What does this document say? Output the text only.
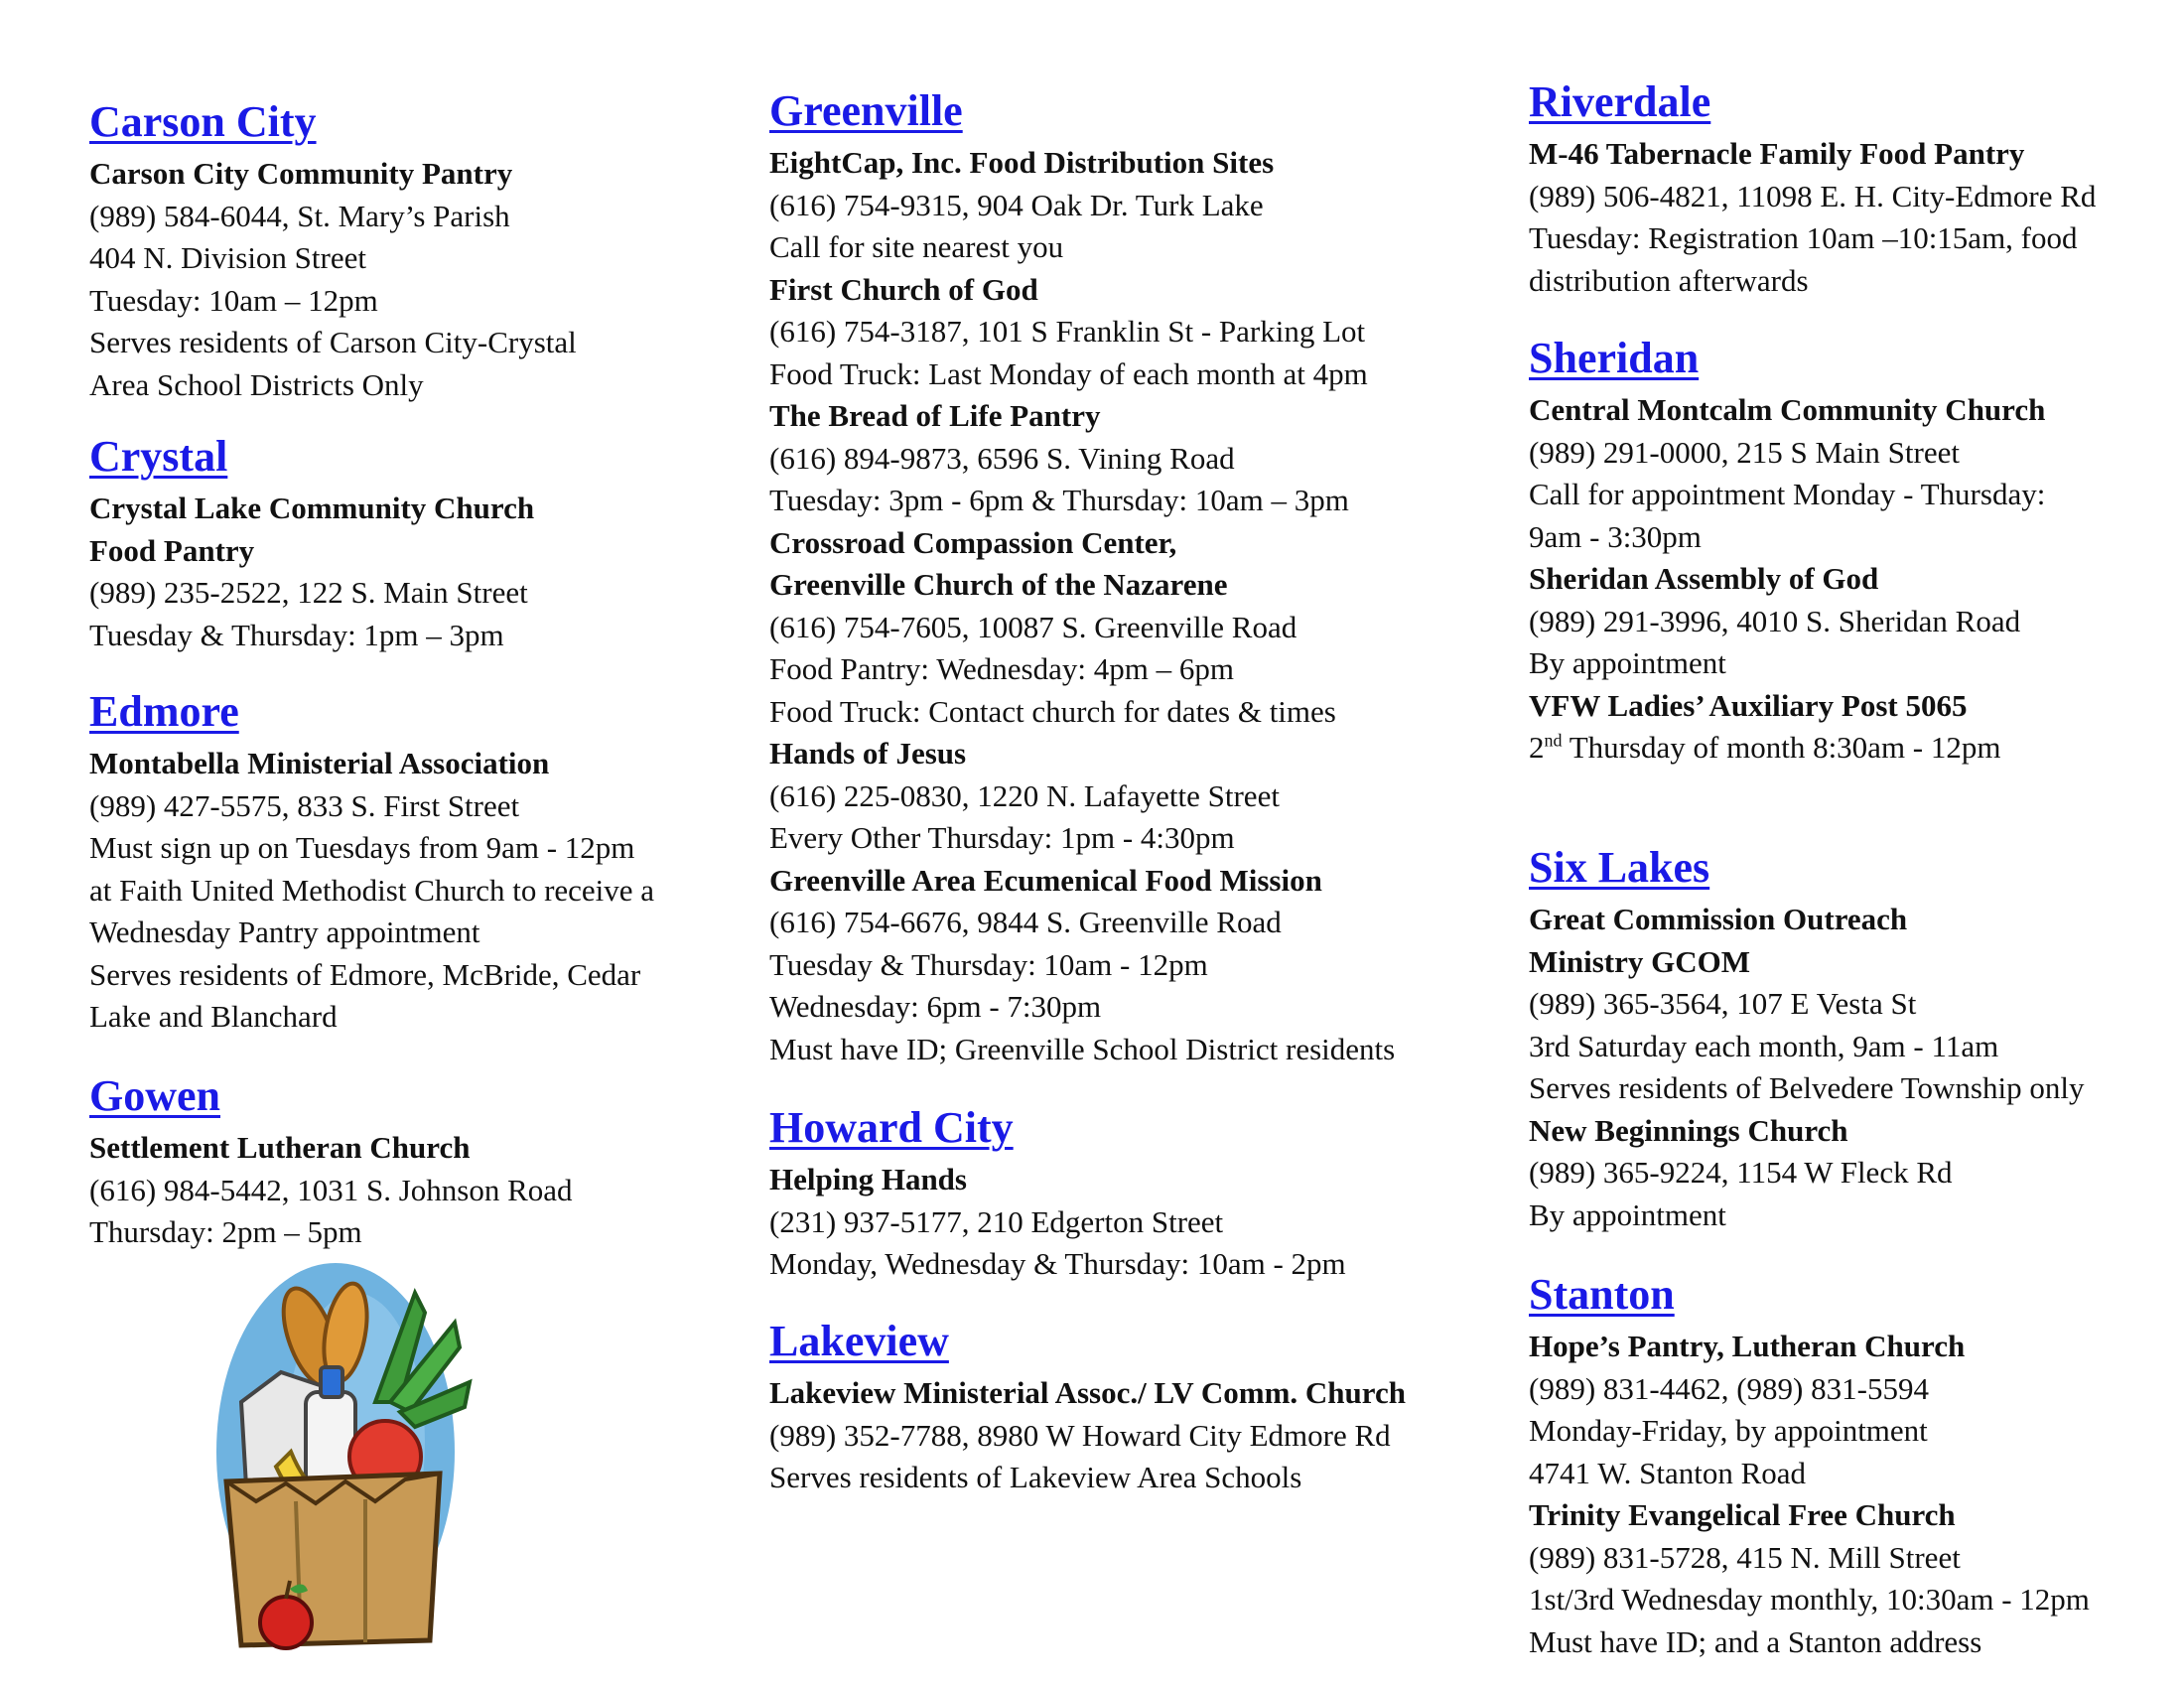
Carson City
Carson City Community Pantry
(989) 584-6044, St. Mary’s Parish
404 N. Division Street
Tuesday: 10am – 12pm
Serves residents of Carson City-Crystal
Area School Districts Only
Crystal
Crystal Lake Community Church
Food Pantry
(989) 235-2522, 122 S. Main Street
Tuesday & Thursday: 1pm – 3pm
Edmore
Montabella Ministerial Association
(989) 427-5575, 833 S. First Street
Must sign up on Tuesdays from 9am - 12pm
at Faith United Methodist Church to receive a
Wednesday Pantry appointment
Serves residents of Edmore, McBride, Cedar
Lake and Blanchard
Gowen
Settlement Lutheran Church
(616) 984-5442, 1031 S. Johnson Road
Thursday: 2pm – 5pm
Greenville
EightCap, Inc. Food Distribution Sites
(616) 754-9315, 904 Oak Dr. Turk Lake
Call for site nearest you
First Church of God
(616) 754-3187, 101 S Franklin St - Parking Lot
Food Truck: Last Monday of each month at 4pm
The Bread of Life Pantry
(616) 894-9873, 6596 S. Vining Road
Tuesday: 3pm - 6pm & Thursday: 10am – 3pm
Crossroad Compassion Center,
Greenville Church of the Nazarene
(616) 754-7605, 10087 S. Greenville Road
Food Pantry: Wednesday: 4pm – 6pm
Food Truck: Contact church for dates & times
Hands of Jesus
(616) 225-0830, 1220 N. Lafayette Street
Every Other Thursday: 1pm - 4:30pm
Greenville Area Ecumenical Food Mission
(616) 754-6676, 9844 S. Greenville Road
Tuesday & Thursday: 10am - 12pm
Wednesday: 6pm - 7:30pm
Must have ID; Greenville School District residents
Howard City
Helping Hands
(231) 937-5177, 210 Edgerton Street
Monday, Wednesday & Thursday: 10am - 2pm
Lakeview
Lakeview Ministerial Assoc./ LV Comm. Church
(989) 352-7788, 8980 W Howard City Edmore Rd
Serves residents of Lakeview Area Schools
Riverdale
M-46 Tabernacle Family Food Pantry
(989) 506-4821, 11098 E. H. City-Edmore Rd
Tuesday: Registration 10am –10:15am, food
distribution afterwards
Sheridan
Central Montcalm Community Church
(989) 291-0000, 215 S Main Street
Call for appointment Monday - Thursday:
9am - 3:30pm
Sheridan Assembly of God
(989) 291-3996, 4010 S. Sheridan Road
By appointment
VFW Ladies’ Auxiliary Post 5065
2nd Thursday of month 8:30am - 12pm
Six Lakes
Great Commission Outreach
Ministry GCOM
(989) 365-3564, 107 E Vesta St
3rd Saturday each month, 9am - 11am
Serves residents of Belvedere Township only
New Beginnings Church
(989) 365-9224, 1154 W Fleck Rd
By appointment
Stanton
Hope’s Pantry, Lutheran Church
(989) 831-4462, (989) 831-5594
Monday-Friday, by appointment
4741 W. Stanton Road
Trinity Evangelical Free Church
(989) 831-5728, 415 N. Mill Street
1st/3rd Wednesday monthly, 10:30am - 12pm
Must have ID; and a Stanton address
